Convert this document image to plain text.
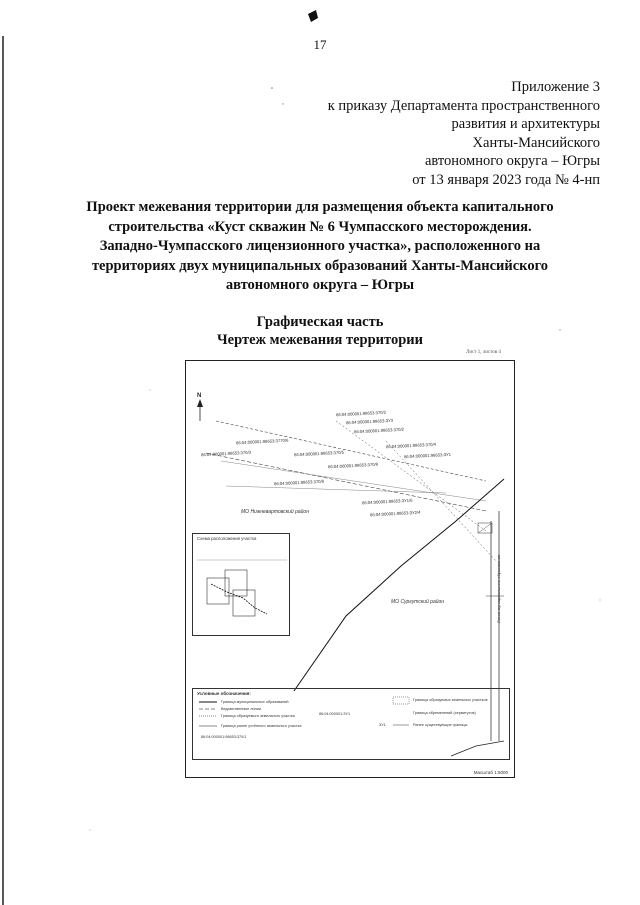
17
Приложение 3
к приказу Департамента пространственного
развития и архитектуры
Ханты-Мансийского
автономного округа – Югры
от 13 января 2023 года № 4-нп
Проект межевания территории для размещения объекта капитального
строительства «Куст скважин № 6 Чумпасского месторождения.
Западно-Чумпасского лицензионного участка», расположенного на
территориях двух муниципальных образований Ханты-Мансийского
автономного округа – Югры
Графическая часть
Чертеж межевания территории
Лист 1, листов 4
N
86:04:000001:98653:370/2
86:04:000001:98653:ЗУ3
86:04:000001:98653:370/2
86:04:000001:98653:3770/6
86:04:000001:98653:370/4
86:04:000001:98653:370/3	86:04:000001:98653:370/5	86:04:000001:98653:ЗУ1
86:04:000001:98653:370/9
86:04:000001:98653:370/8
86:04:000001:98653:ЗУ1/6
86:04:000001:98653:ЗУ2/4
МО Нижневартовский район
МО Сургутский район
Схема расположения участка
Линия муниципального образования
Условные обозначения:
Граница муниципальных образований
Ведомственные линии
Граница образуемого земельного участка
Граница ранее учтённого земельного участка
Границы образуемых земельных участков
Граница обременений (сервитутов)
Ранее существующие границы
86:04:000001:ЗУ1
86:04:000001:98653:370/1
ЗУ1
Масштаб 1:5000
